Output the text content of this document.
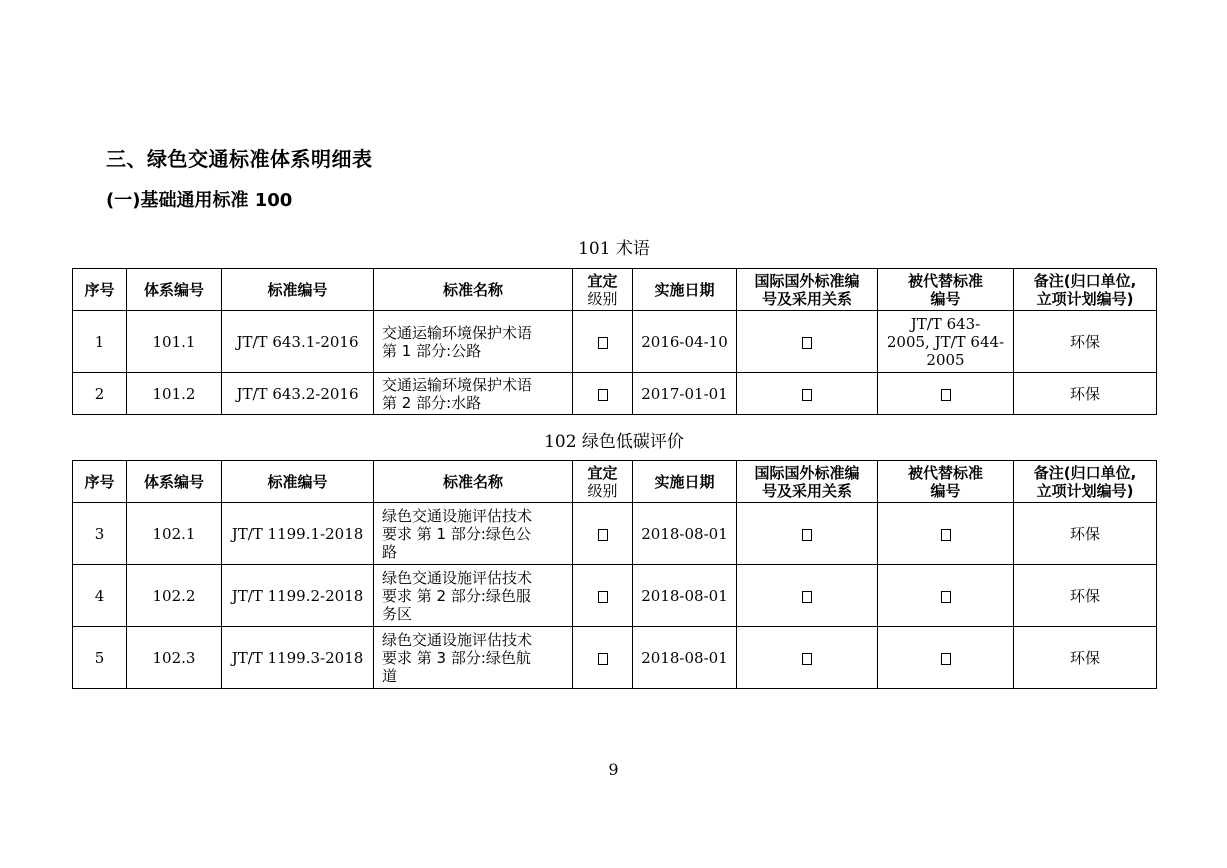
三、绿色交通标准体系明细表
(一)基础通用标准 100
101 术语
序号	体系编号	标准编号	标准名称	宜定
级别	实施日期	国际国外标准编
号及采用关系	被代替标准
编号	备注(归口单位,
立项计划编号)
1	101.1	JT/T 643.1-2016	交通运输环境保护术语
第 1 部分:公路		2016-04-10		JT/T 643-
2005, JT/T 644-
2005	环保
2	101.2	JT/T 643.2-2016	交通运输环境保护术语
第 2 部分:水路		2017-01-01			环保
102 绿色低碳评价
序号	体系编号	标准编号	标准名称	宜定
级别	实施日期	国际国外标准编
号及采用关系	被代替标准
编号	备注(归口单位,
立项计划编号)
3	102.1	JT/T 1199.1-2018	绿色交通设施评估技术
要求 第 1 部分:绿色公
路		2018-08-01			环保
4	102.2	JT/T 1199.2-2018	绿色交通设施评估技术
要求 第 2 部分:绿色服
务区		2018-08-01			环保
5	102.3	JT/T 1199.3-2018	绿色交通设施评估技术
要求 第 3 部分:绿色航
道		2018-08-01			环保
9
